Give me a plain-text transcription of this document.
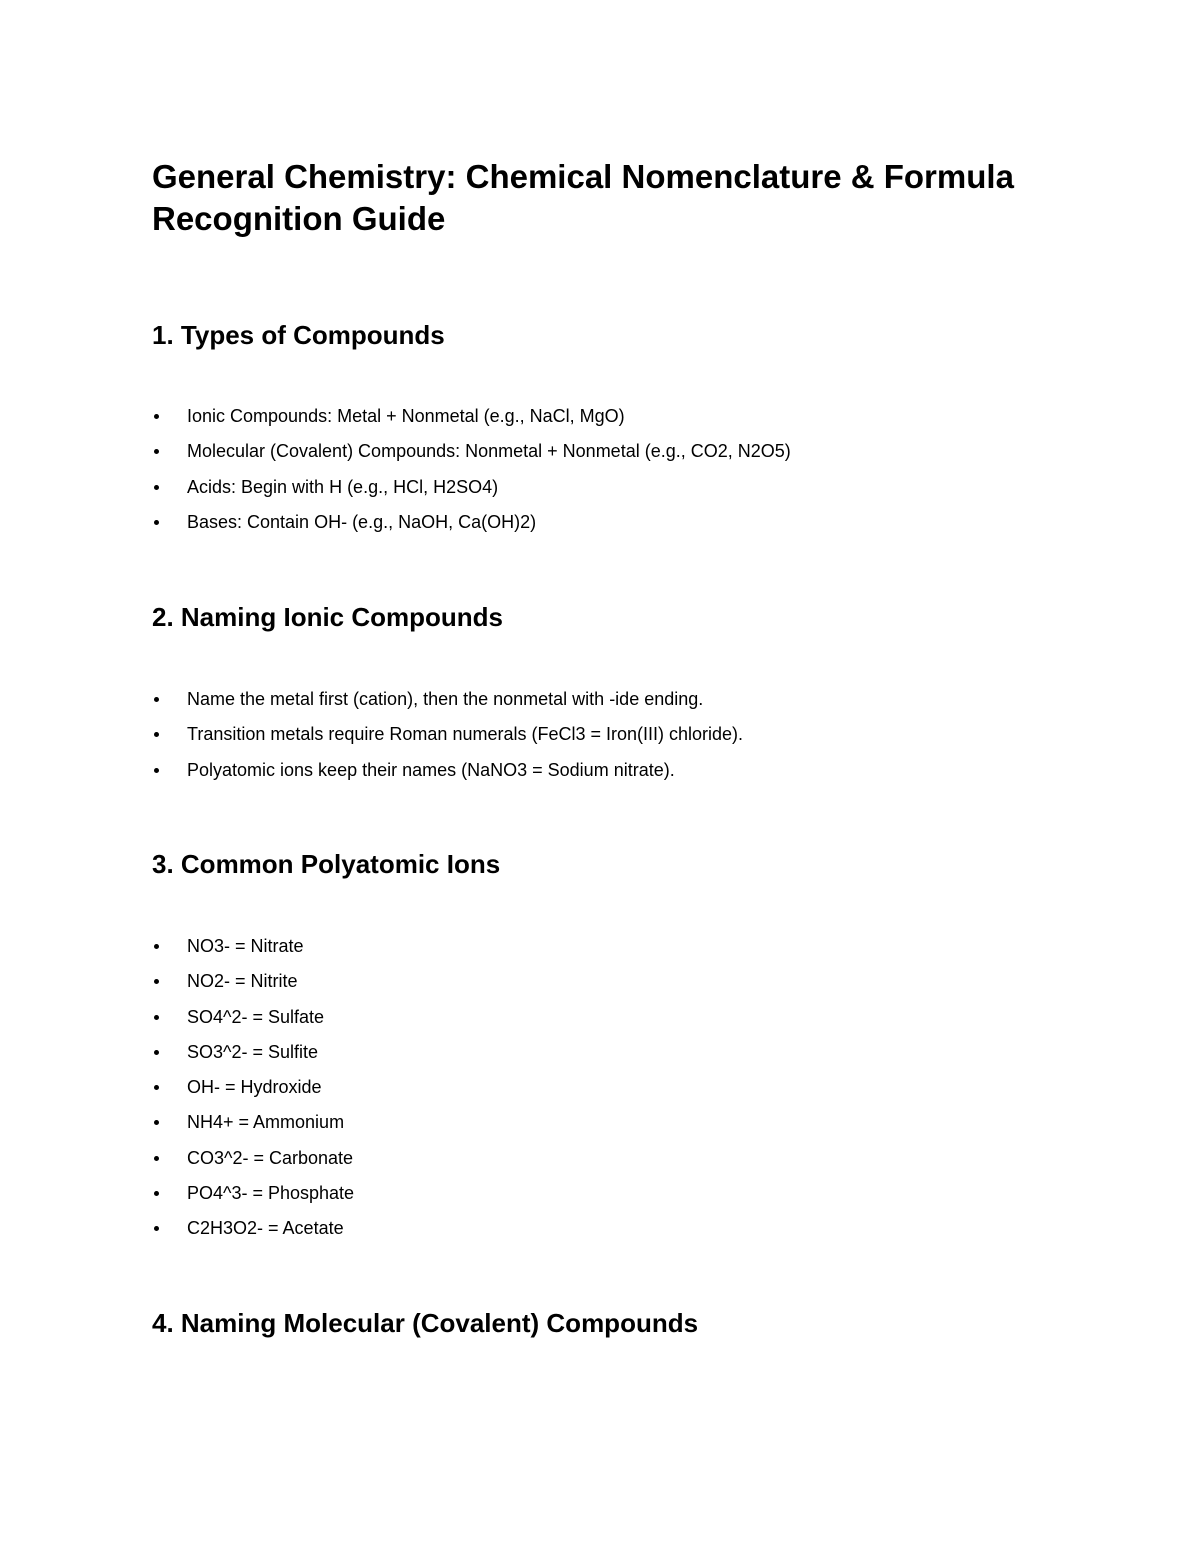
General Chemistry: Chemical Nomenclature & Formula Recognition Guide
1. Types of Compounds
Ionic Compounds: Metal + Nonmetal (e.g., NaCl, MgO)
Molecular (Covalent) Compounds: Nonmetal + Nonmetal (e.g., CO2, N2O5)
Acids: Begin with H (e.g., HCl, H2SO4)
Bases: Contain OH- (e.g., NaOH, Ca(OH)2)
2. Naming Ionic Compounds
Name the metal first (cation), then the nonmetal with -ide ending.
Transition metals require Roman numerals (FeCl3 = Iron(III) chloride).
Polyatomic ions keep their names (NaNO3 = Sodium nitrate).
3. Common Polyatomic Ions
NO3- = Nitrate
NO2- = Nitrite
SO4^2- = Sulfate
SO3^2- = Sulfite
OH- = Hydroxide
NH4+ = Ammonium
CO3^2- = Carbonate
PO4^3- = Phosphate
C2H3O2- = Acetate
4. Naming Molecular (Covalent) Compounds
